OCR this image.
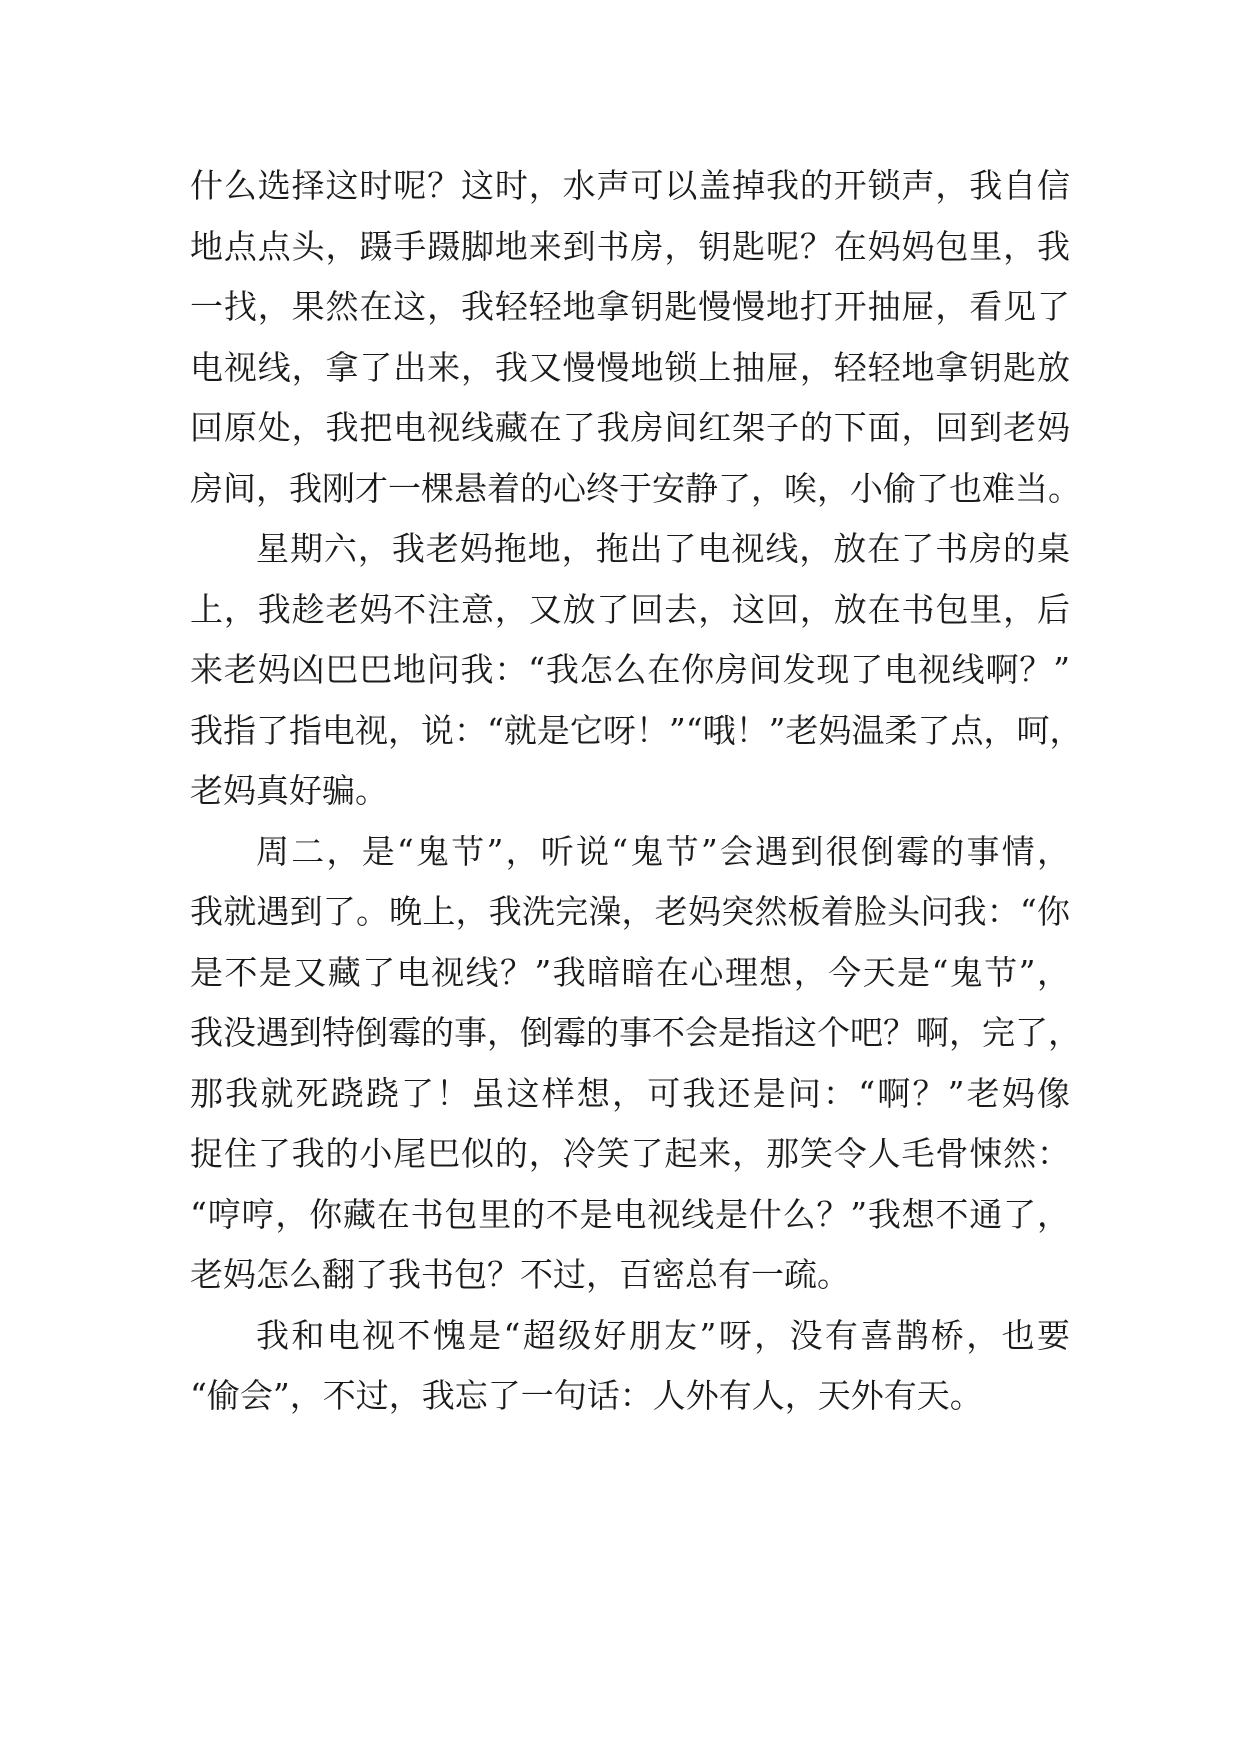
什么选择这时呢？这时，水声可以盖掉我的开锁声，我自信
地点点头，蹑手蹑脚地来到书房，钥匙呢？在妈妈包里，我
一找，果然在这，我轻轻地拿钥匙慢慢地打开抽屉，看见了
电视线，拿了出来，我又慢慢地锁上抽屉，轻轻地拿钥匙放
回原处，我把电视线藏在了我房间红架子的下面，回到老妈
房间，我刚才一棵悬着的心终于安静了，唉，小偷了也难当。
星期六，我老妈拖地，拖出了电视线，放在了书房的桌
上，我趁老妈不注意，又放了回去，这回，放在书包里，后
来老妈凶巴巴地问我：“我怎么在你房间发现了电视线啊？”
我指了指电视，说：“就是它呀！”“哦！”老妈温柔了点，呵，
老妈真好骗。
周二，是“鬼节”，听说“鬼节”会遇到很倒霉的事情，
我就遇到了。晚上，我洗完澡，老妈突然板着脸头问我：“你
是不是又藏了电视线？”我暗暗在心理想，今天是“鬼节”，
我没遇到特倒霉的事，倒霉的事不会是指这个吧？啊，完了，
那我就死跷跷了！虽这样想，可我还是问：“啊？”老妈像
捉住了我的小尾巴似的，冷笑了起来，那笑令人毛骨悚然：
“哼哼，你藏在书包里的不是电视线是什么？”我想不通了，
老妈怎么翻了我书包？不过，百密总有一疏。
我和电视不愧是“超级好朋友”呀，没有喜鹊桥，也要
“偷会”，不过，我忘了一句话：人外有人，天外有天。
